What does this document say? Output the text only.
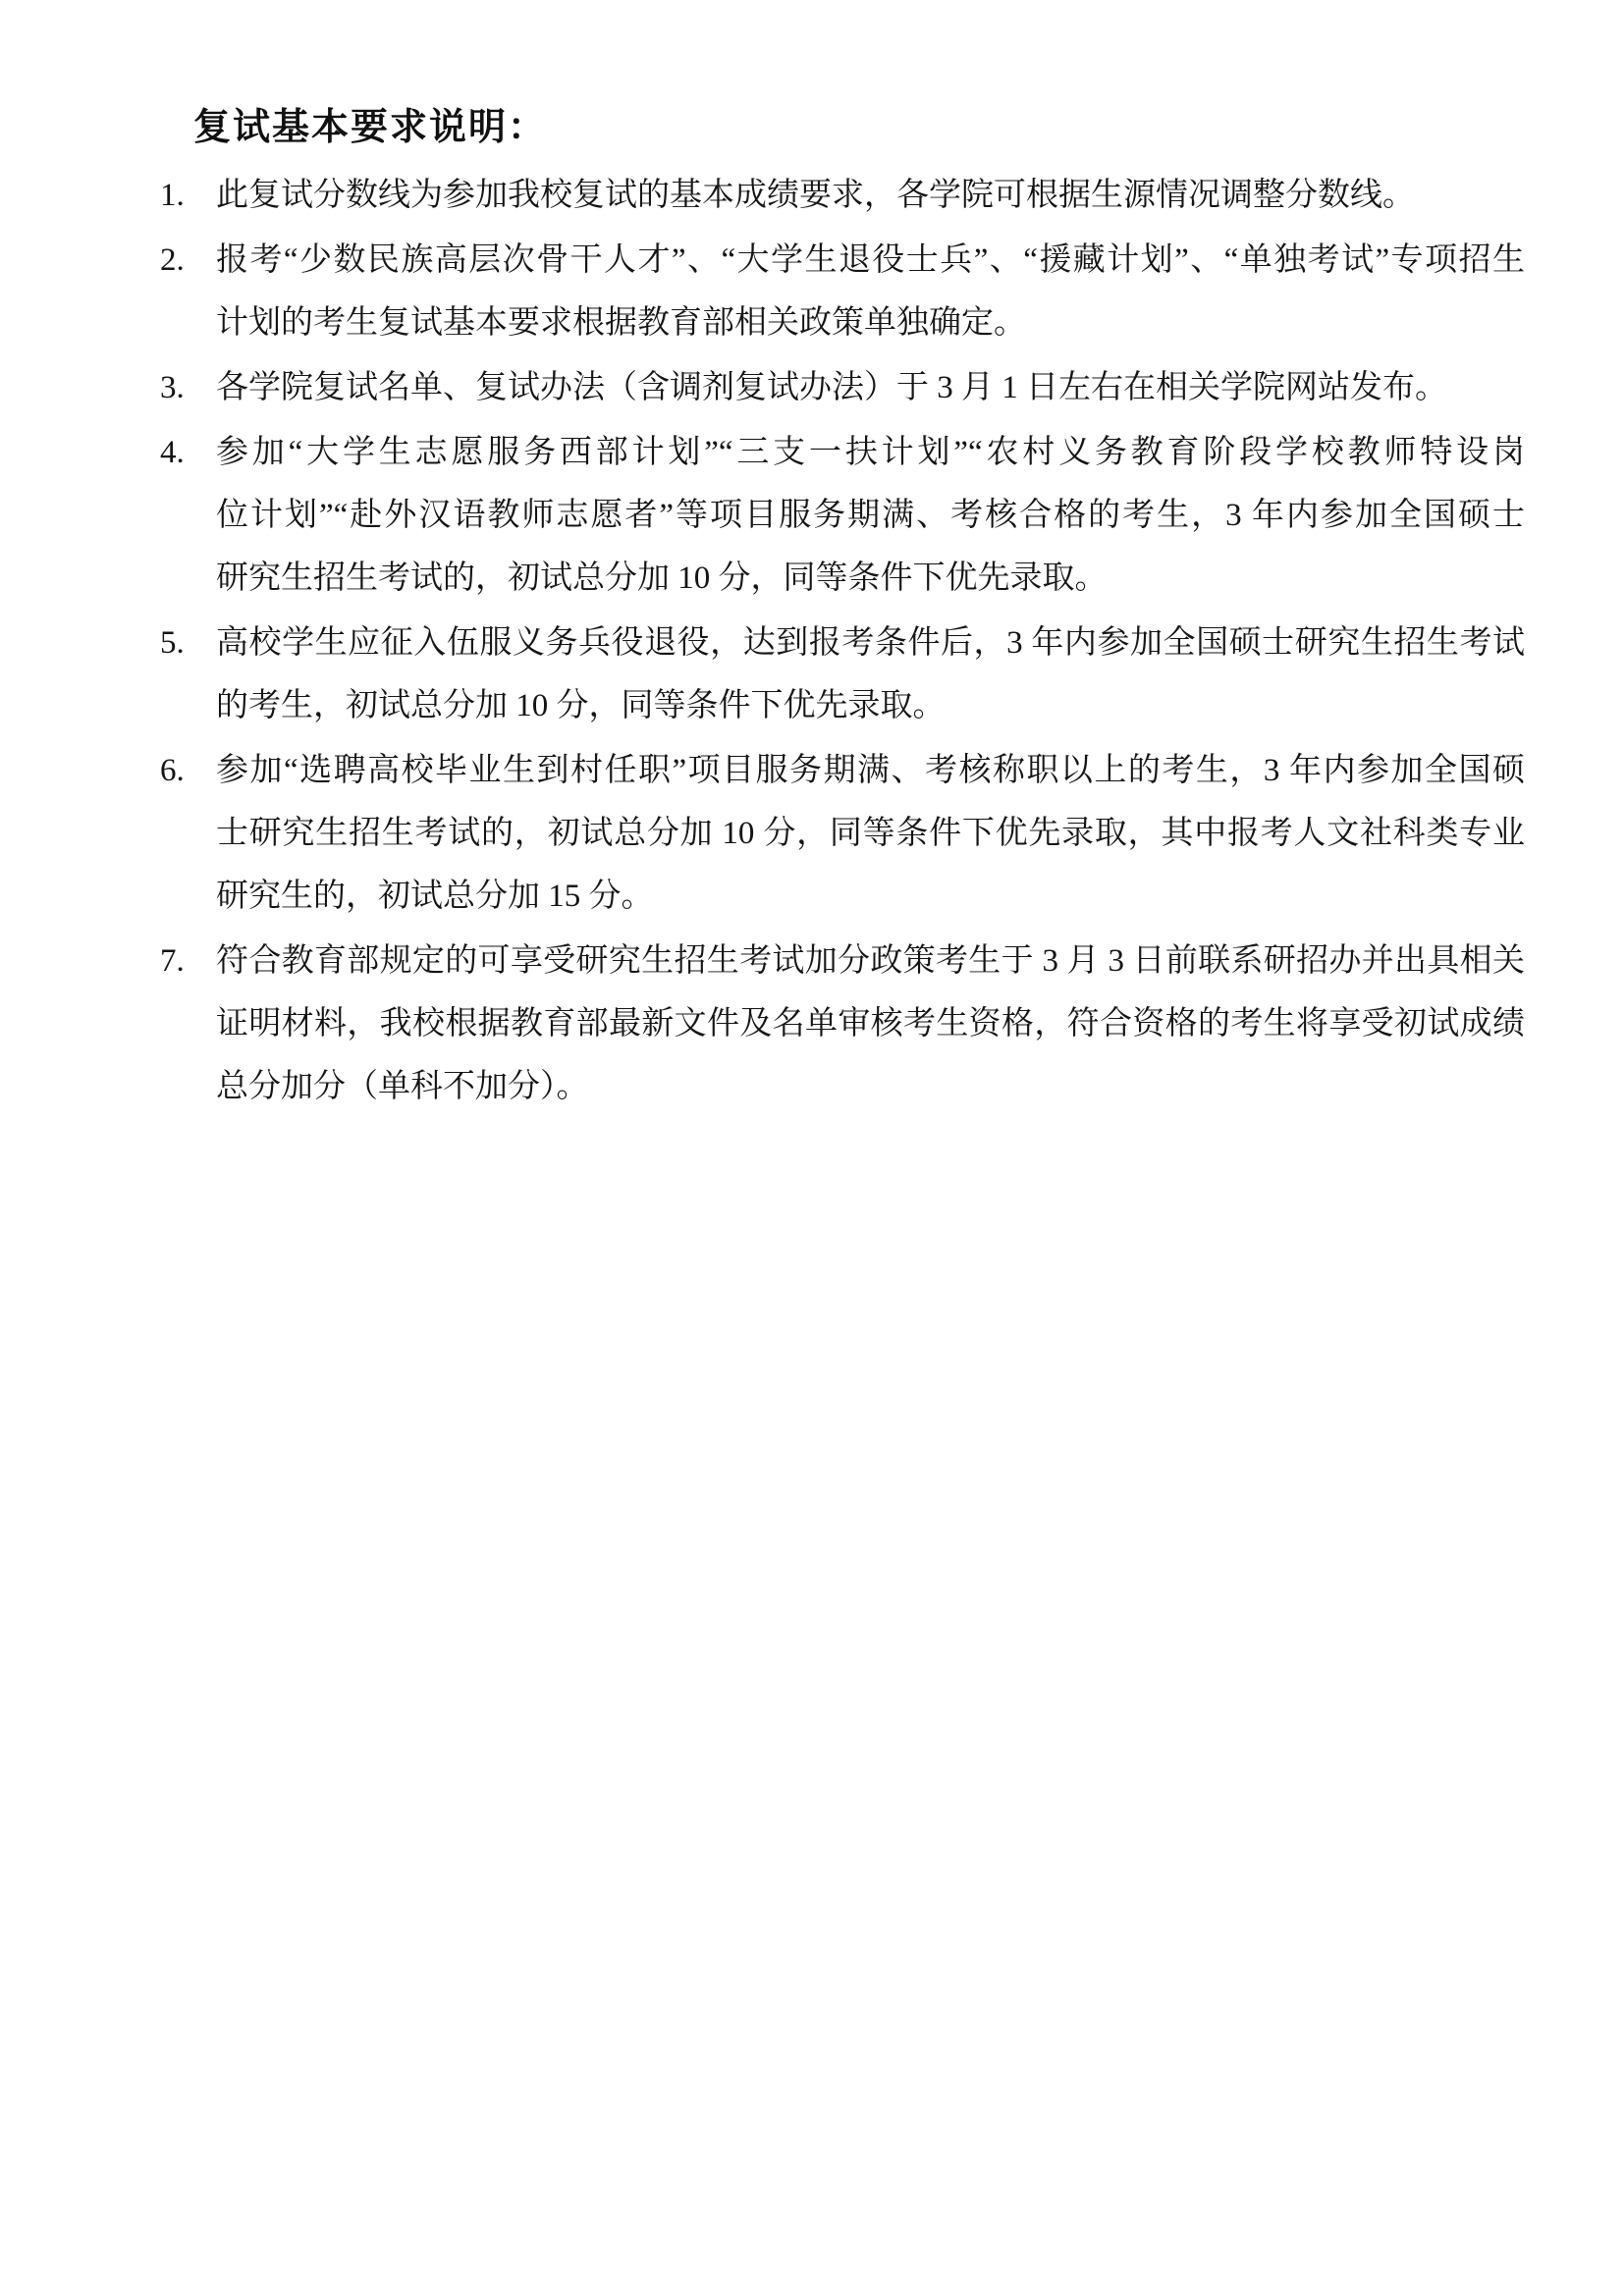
复试基本要求说明：
1. 此复试分数线为参加我校复试的基本成绩要求，各学院可根据生源情况调整分数线。
2. 报考“少数民族高层次骨干人才”、“大学生退役士兵”、“援藏计划”、“单独考试”专项招生
计划的考生复试基本要求根据教育部相关政策单独确定。
3. 各学院复试名单、复试办法（含调剂复试办法）于 3 月 1 日左右在相关学院网站发布。
4. 参加“大学生志愿服务西部计划”“三支一扶计划”“农村义务教育阶段学校教师特设岗
位计划”“赴外汉语教师志愿者”等项目服务期满、考核合格的考生，3 年内参加全国硕士
研究生招生考试的，初试总分加 10 分，同等条件下优先录取。
5. 高校学生应征入伍服义务兵役退役，达到报考条件后，3 年内参加全国硕士研究生招生考试
的考生，初试总分加 10 分，同等条件下优先录取。
6. 参加“选聘高校毕业生到村任职”项目服务期满、考核称职以上的考生，3 年内参加全国硕
士研究生招生考试的，初试总分加 10 分，同等条件下优先录取，其中报考人文社科类专业
研究生的，初试总分加 15 分。
7. 符合教育部规定的可享受研究生招生考试加分政策考生于 3 月 3 日前联系研招办并出具相关
证明材料，我校根据教育部最新文件及名单审核考生资格，符合资格的考生将享受初试成绩
总分加分（单科不加分）。
